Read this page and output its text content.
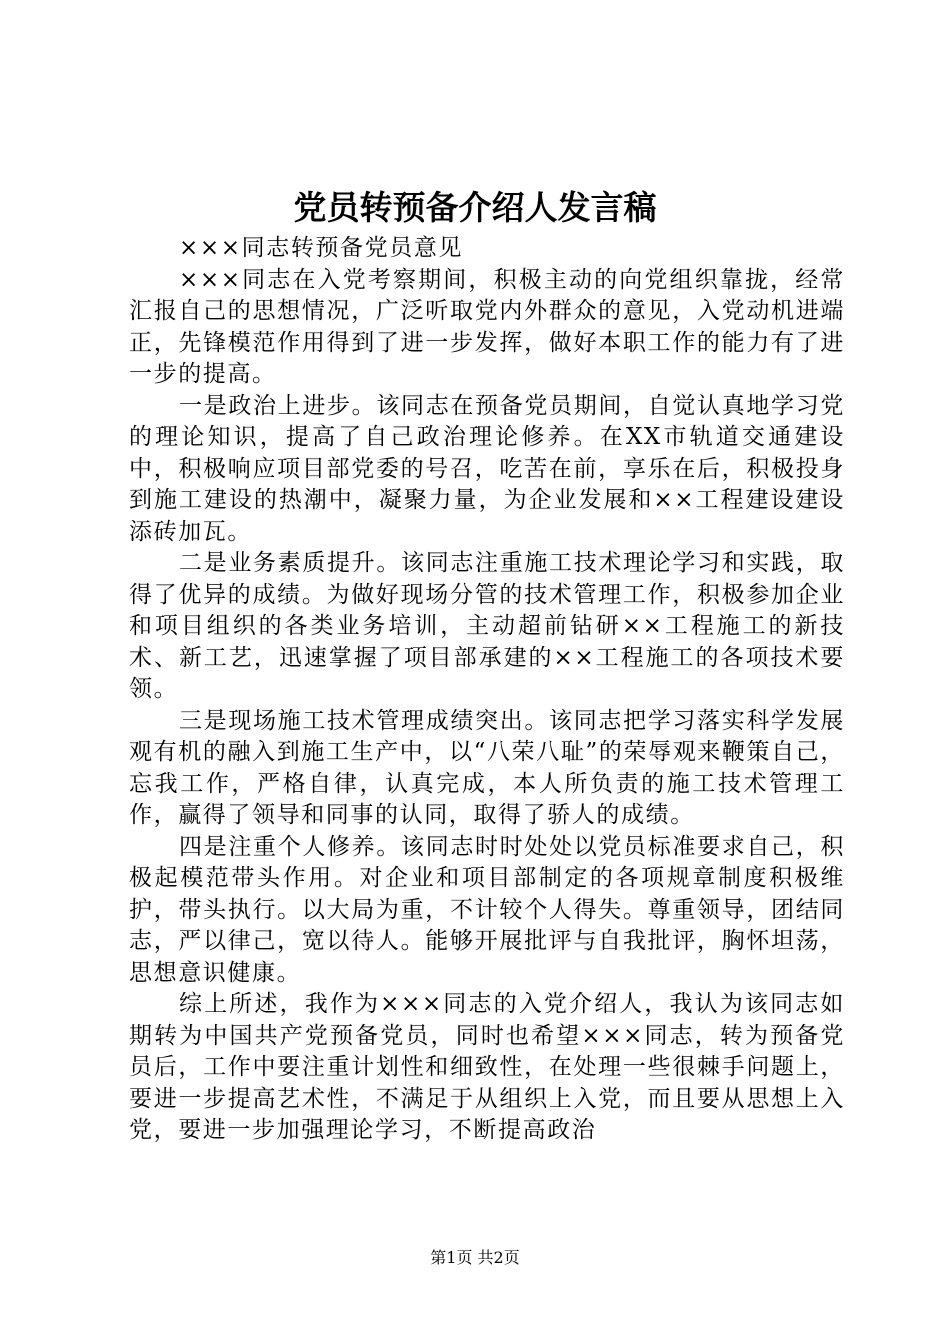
党员转预备介绍人发言稿

×××同志转预备党员意见

×××同志在入党考察期间，积极主动的向党组织靠拢，经常汇报自己的思想情况，广泛听取党内外群众的意见，入党动机进端正，先锋模范作用得到了进一步发挥，做好本职工作的能力有了进一步的提高。

一是政治上进步。该同志在预备党员期间，自觉认真地学习党的理论知识，提高了自己政治理论修养。在XX市轨道交通建设中，积极响应项目部党委的号召，吃苦在前，享乐在后，积极投身到施工建设的热潮中，凝聚力量，为企业发展和××工程建设建设添砖加瓦。

二是业务素质提升。该同志注重施工技术理论学习和实践，取得了优异的成绩。为做好现场分管的技术管理工作，积极参加企业和项目组织的各类业务培训，主动超前钻研××工程施工的新技术、新工艺，迅速掌握了项目部承建的××工程施工的各项技术要领。

三是现场施工技术管理成绩突出。该同志把学习落实科学发展观有机的融入到施工生产中，以“八荣八耻”的荣辱观来鞭策自己，忘我工作，严格自律，认真完成，本人所负责的施工技术管理工作，赢得了领导和同事的认同，取得了骄人的成绩。

四是注重个人修养。该同志时时处处以党员标准要求自己，积极起模范带头作用。对企业和项目部制定的各项规章制度积极维护，带头执行。以大局为重，不计较个人得失。尊重领导，团结同志，严以律己，宽以待人。能够开展批评与自我批评，胸怀坦荡，思想意识健康。

综上所述，我作为×××同志的入党介绍人，我认为该同志如期转为中国共产党预备党员，同时也希望×××同志，转为预备党员后，工作中要注重计划性和细致性，在处理一些很棘手问题上，要进一步提高艺术性，不满足于从组织上入党，而且要从思想上入党，要进一步加强理论学习，不断提高政治

第1页 共2页
